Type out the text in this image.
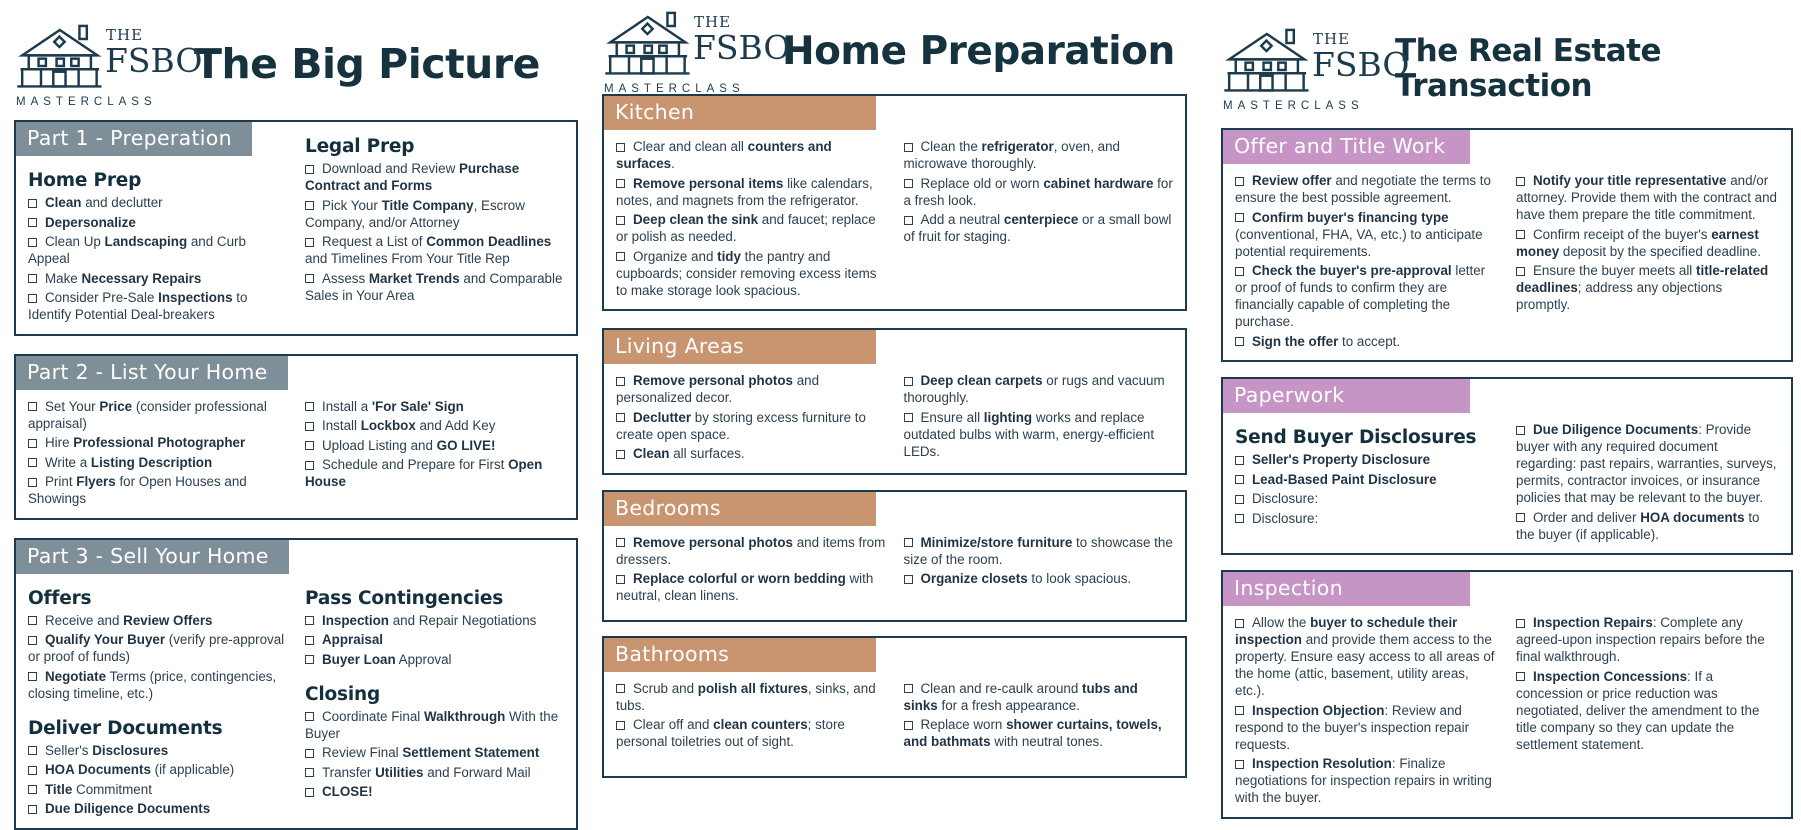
THE
FSBO
MASTERCLASS
The Big Picture
Part 1 - Preperation
Home Prep
Clean and declutter
Depersonalize
Clean Up Landscaping and Curb Appeal
Make Necessary Repairs
Consider Pre-Sale Inspections to Identify Potential Deal-breakers
Legal Prep
Download and Review Purchase Contract and Forms
Pick Your Title Company, Escrow Company, and/or Attorney
Request a List of Common Deadlines and Timelines From Your Title Rep
Assess Market Trends and Comparable Sales in Your Area
Part 2 - List Your Home
Set Your Price (consider professional appraisal)
Hire Professional Photographer
Write a Listing Description
Print Flyers for Open Houses and Showings
Install a 'For Sale' Sign
Install Lockbox and Add Key
Upload Listing and GO LIVE!
Schedule and Prepare for First Open House
Part 3 - Sell Your Home
Offers
Receive and Review Offers
Qualify Your Buyer (verify pre-approval or proof of funds)
Negotiate Terms (price, contingencies, closing timeline, etc.)
Deliver Documents
Seller's Disclosures
HOA Documents (if applicable)
Title Commitment
Due Diligence Documents
Pass Contingencies
Inspection and Repair Negotiations
Appraisal
Buyer Loan Approval
Closing
Coordinate Final Walkthrough With the Buyer
Review Final Settlement Statement
Transfer Utilities and Forward Mail
CLOSE!
THE
FSBO
MASTERCLASS
Home Preparation
Kitchen
Clear and clean all counters and surfaces.
Remove personal items like calendars, notes, and magnets from the refrigerator.
Deep clean the sink and faucet; replace or polish as needed.
Organize and tidy the pantry and cupboards; consider removing excess items to make storage look spacious.
Clean the refrigerator, oven, and microwave thoroughly.
Replace old or worn cabinet hardware for a fresh look.
Add a neutral centerpiece or a small bowl of fruit for staging.
Living Areas
Remove personal photos and personalized decor.
Declutter by storing excess furniture to create open space.
Clean all surfaces.
Deep clean carpets or rugs and vacuum thoroughly.
Ensure all lighting works and replace outdated bulbs with warm, energy-efficient LEDs.
Bedrooms
Remove personal photos and items from dressers.
Replace colorful or worn bedding with neutral, clean linens.
Minimize/store furniture to showcase the size of the room.
Organize closets to look spacious.
Bathrooms
Scrub and polish all fixtures, sinks, and tubs.
Clear off and clean counters; store personal toiletries out of sight.
Clean and re-caulk around tubs and sinks for a fresh appearance.
Replace worn shower curtains, towels, and bathmats with neutral tones.
THE
FSBO
MASTERCLASS
The Real Estate Transaction
Offer and Title Work
Review offer and negotiate the terms to ensure the best possible agreement.
Confirm buyer's financing type (conventional, FHA, VA, etc.) to anticipate potential requirements.
Check the buyer's pre-approval letter or proof of funds to confirm they are financially capable of completing the purchase.
Sign the offer to accept.
Notify your title representative and/or attorney. Provide them with the contract and have them prepare the title commitment.
Confirm receipt of the buyer's earnest money deposit by the specified deadline.
Ensure the buyer meets all title-related deadlines; address any objections promptly.
Paperwork
Send Buyer Disclosures
Seller's Property Disclosure
Lead-Based Paint Disclosure
Disclosure:
Disclosure:
Due Diligence Documents: Provide buyer with any required document regarding: past repairs, warranties, surveys, permits, contractor invoices, or insurance policies that may be relevant to the buyer.
Order and deliver HOA documents to the buyer (if applicable).
Inspection
Allow the buyer to schedule their inspection and provide them access to the property. Ensure easy access to all areas of the home (attic, basement, utility areas, etc.).
Inspection Objection: Review and respond to the buyer's inspection repair requests.
Inspection Resolution: Finalize negotiations for inspection repairs in writing with the buyer.
Inspection Repairs: Complete any agreed-upon inspection repairs before the final walkthrough.
Inspection Concessions: If a concession or price reduction was negotiated, deliver the amendment to the title company so they can update the settlement statement.
